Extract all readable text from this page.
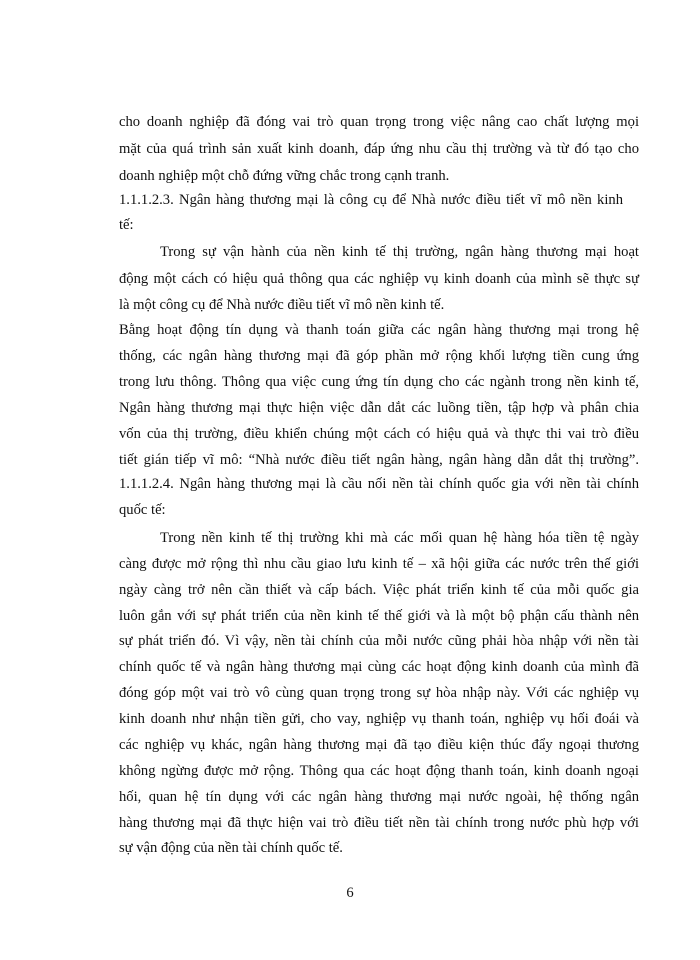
cho doanh nghiệp đã đóng vai trò quan trọng trong việc nâng cao chất lượng mọi
mặt của quá trình sản xuất kinh doanh, đáp ứng nhu cầu thị trường và từ đó tạo cho
doanh nghiệp một chỗ đứng vững chắc trong cạnh tranh.
1.1.1.2.3. Ngân hàng thương mại là công cụ để Nhà nước điều tiết vĩ mô nền kinh
tế:
Trong sự vận hành của nền kinh tế thị trường, ngân hàng thương mại hoạt
động một cách có hiệu quả thông qua các nghiệp vụ kinh doanh của mình sẽ thực sự
là một công cụ để Nhà nước điều tiết vĩ mô nền kinh tế.
Bằng hoạt động tín dụng và thanh toán giữa các ngân hàng thương mại trong hệ
thống, các ngân hàng thương mại đã góp phần mở rộng khối lượng tiền cung ứng
trong lưu thông. Thông qua việc cung ứng tín dụng cho các ngành trong nền kinh tế,
Ngân hàng thương mại thực hiện việc dẫn dắt các luồng tiền, tập hợp và phân chia
vốn của thị trường, điều khiển chúng một cách có hiệu quả và thực thi vai trò điều
tiết gián tiếp vĩ mô: “Nhà nước điều tiết ngân hàng, ngân hàng dẫn dắt thị trường”.
1.1.1.2.4. Ngân hàng thương mại là cầu nối nền tài chính quốc gia với nền tài chính
quốc tế:
Trong nền kinh tế thị trường khi mà các mối quan hệ hàng hóa tiền tệ ngày
càng được mở rộng thì nhu cầu giao lưu kinh tế – xã hội giữa các nước trên thế giới
ngày càng trở nên cần thiết và cấp bách. Việc phát triển kinh tế của mỗi quốc gia
luôn gắn với sự phát triển của nền kinh tế thế giới và là một bộ phận cấu thành nên
sự phát triển đó. Vì vậy, nền tài chính của mỗi nước cũng phải hòa nhập với nền tài
chính quốc tế và ngân hàng thương mại cùng các hoạt động kinh doanh của mình đã
đóng góp một vai trò vô cùng quan trọng trong sự hòa nhập này. Với các nghiệp vụ
kinh doanh như nhận tiền gửi, cho vay, nghiệp vụ thanh toán, nghiệp vụ hối đoái và
các nghiệp vụ khác, ngân hàng thương mại đã tạo điều kiện thúc đẩy ngoại thương
không ngừng được mở rộng. Thông qua các hoạt động thanh toán, kinh doanh ngoại
hối, quan hệ tín dụng với các ngân hàng thương mại nước ngoài, hệ thống ngân
hàng thương mại đã thực hiện vai trò điều tiết nền tài chính trong nước phù hợp với
sự vận động của nền tài chính quốc tế.
6
